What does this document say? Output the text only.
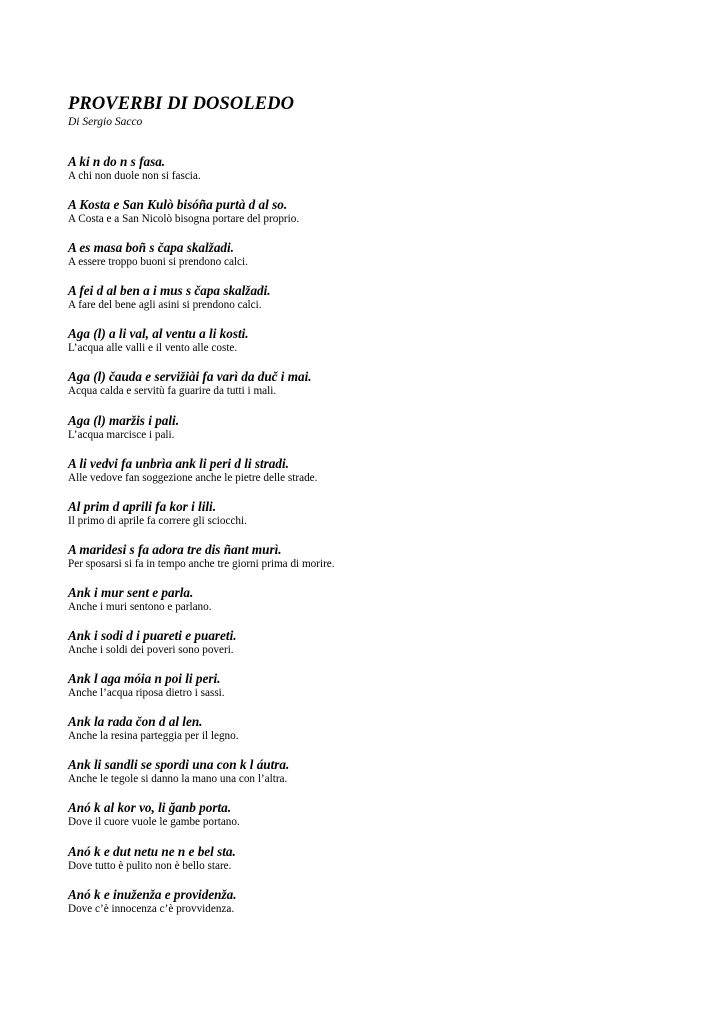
PROVERBI DI DOSOLEDO

Di Sergio Sacco

A ki n do n s fasa.
A chi non duole non si fascia.
A Kosta e San Kulò bisóña purtà d al so.
A Costa e a San Nicolò bisogna portare del proprio.
A es masa boñ s čapa skalžadi.
A essere troppo buoni si prendono calci.
A fei d al ben a i mus s čapa skalžadi.
A fare del bene agli asini si prendono calci.
Aga (l) a li val, al ventu a li kosti.
L’acqua alle valli e il vento alle coste.
Aga (l) čauda e servižiài fa varì da duč i mai.
Acqua calda e servitù fa guarire da tutti i mali.
Aga (l) maržis i pali.
L’acqua marcisce i pali.
A li vedvi fa unbrìa ank li peri d li stradi.
Alle vedove fan soggezione anche le pietre delle strade.
Al prim d aprili fa kor i lili.
Il primo di aprile fa correre gli sciocchi.
A maridesi s fa adora tre dis ñant murì.
Per sposarsi si fa in tempo anche tre giorni prima di morire.
Ank i mur sent e parla.
Anche i muri sentono e parlano.
Ank i sodi d i puareti e puareti.
Anche i soldi dei poveri sono poveri.
Ank l aga móia n poi li peri.
Anche l’acqua riposa dietro i sassi.
Ank la rada čon d al len.
Anche la resina parteggia per il legno.
Ank li sandli se spordi una con k l áutra.
Anche le tegole si danno la mano una con l’altra.
Anó k al kor vo, li ğanb porta.
Dove il cuore vuole le gambe portano.
Anó k e dut netu ne n e bel sta.
Dove tutto è pulito non è bello stare.
Anó k e inuženža e providenža.
Dove c’è innocenza c’è provvidenza.
